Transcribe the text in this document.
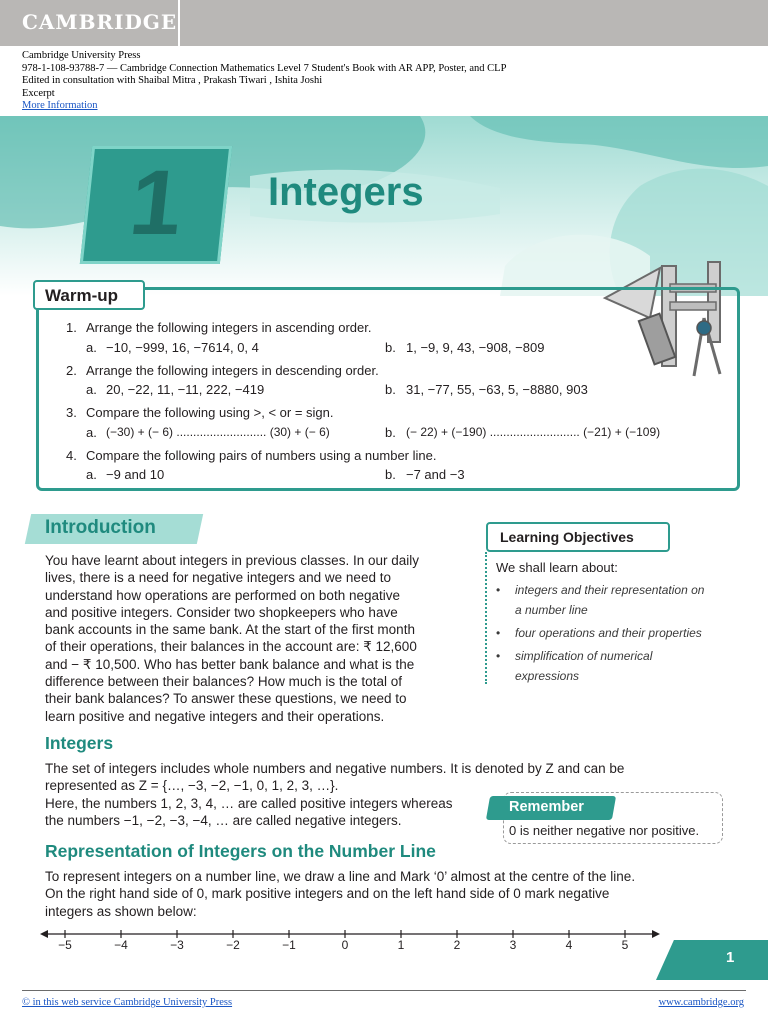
CAMBRIDGE
Cambridge University Press
978-1-108-93788-7 — Cambridge Connection Mathematics Level 7 Student's Book with AR APP, Poster, and CLP
Edited in consultation with Shaibal Mitra , Prakash Tiwari , Ishita Joshi
Excerpt
More Information
1	Integers
Warm-up
1. Arrange the following integers in ascending order.
a. −10, −999, 16, −7614, 0, 4	b. 1, −9, 9, 43, −908, −809
2. Arrange the following integers in descending order.
a. 20, −22, 11, −11, 222, −419	b. 31, −77, 55, −63, 5, −8880, 903
3. Compare the following using >, < or = sign.
a. (−30) + (− 6) ........................... (30) + (− 6)	b. (− 22) + (−190) ........................... (−21) + (−109)
4. Compare the following pairs of numbers using a number line.
a. −9 and 10	b. −7 and −3
Introduction
You have learnt about integers in previous classes. In our daily
lives, there is a need for negative integers and we need to
understand how operations are performed on both negative
and positive integers. Consider two shopkeepers who have
bank accounts in the same bank. At the start of the first month
of their operations, their balances in the account are: ₹ 12,600
and − ₹ 10,500. Who has better bank balance and what is the
difference between their balances? How much is the total of
their bank balances? To answer these questions, we need to
learn positive and negative integers and their operations.
Learning Objectives
We shall learn about:
• integers and their representation on
a number line
• four operations and their properties
• simplification of numerical
expressions
Integers
The set of integers includes whole numbers and negative numbers. It is denoted by Z and can be
represented as Z = {…, −3, −2, −1, 0, 1, 2, 3, …}.
Here, the numbers 1, 2, 3, 4, … are called positive integers whereas
the numbers −1, −2, −3, −4, … are called negative integers.
Remember
0 is neither negative nor positive.
Representation of Integers on the Number Line
To represent integers on a number line, we draw a line and Mark ‘0’ almost at the centre of the line.
On the right hand side of 0, mark positive integers and on the left hand side of 0 mark negative
integers as shown below:
−5	−4	−3	−2	−1	0	1	2	3	4	5
1
© in this web service Cambridge University Press	www.cambridge.org
